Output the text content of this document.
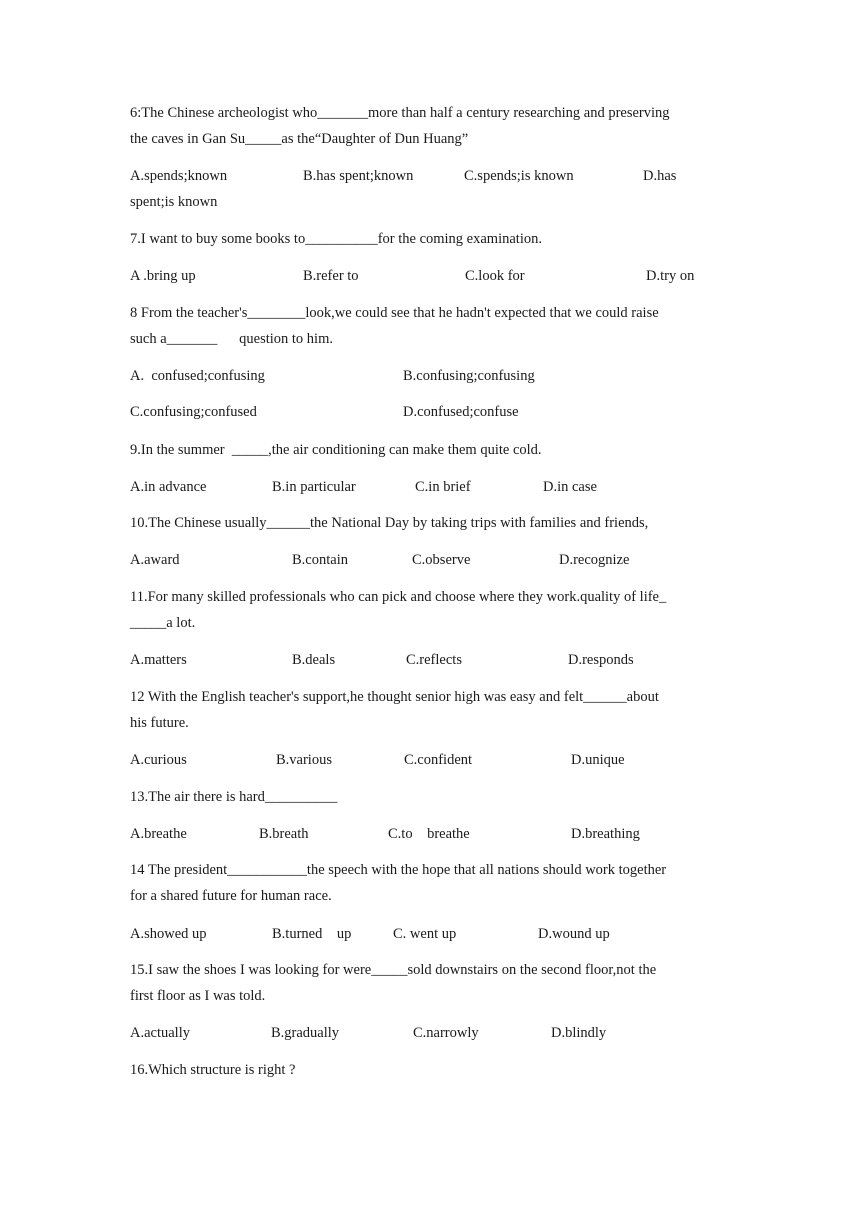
6:The Chinese archeologist who_______more than half a century researching and preserving
the caves in Gan Su_____as the“Daughter of Dun Huang”
A.spends;known	B.has spent;known	C.spends;is known	D.has
spent;is known
7.I want to buy some books to__________for the coming examination.
A .bring up	B.refer to	C.look for	D.try on
8 From the teacher's________look,we could see that he hadn't expected that we could raise
such a_______      question to him.
A.  confused;confusing	B.confusing;confusing
C.confusing;confused	D.confused;confuse
9.In the summer  _____,the air conditioning can make them quite cold.
A.in advance	B.in particular	C.in brief	D.in case
10.The Chinese usually______the National Day by taking trips with families and friends,
A.award	B.contain	C.observe	D.recognize
11.For many skilled professionals who can pick and choose where they work.quality of life_
_____a lot.
A.matters	B.deals	C.reflects	D.responds
12 With the English teacher's support,he thought senior high was easy and felt______about
his future.
A.curious	B.various	C.confident	D.unique
13.The air there is hard__________
A.breathe	B.breath	C.to    breathe	D.breathing
14 The president___________the speech with the hope that all nations should work together
for a shared future for human race.
A.showed up	B.turned    up	C. went up	D.wound up
15.I saw the shoes I was looking for were_____sold downstairs on the second floor,not the
first floor as I was told.
A.actually	B.gradually	C.narrowly	D.blindly
16.Which structure is right ?
